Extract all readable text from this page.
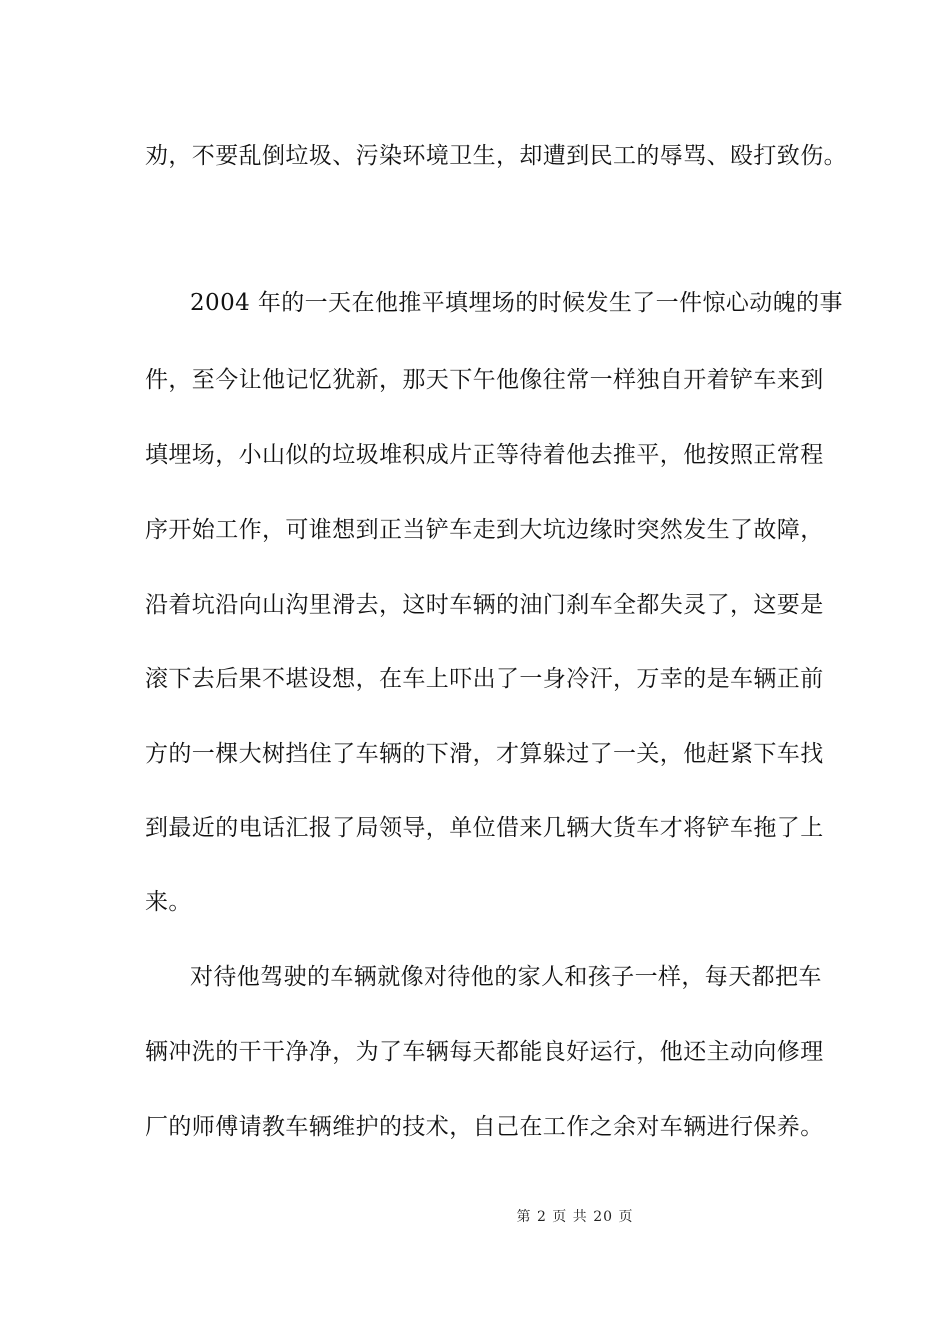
劝，不要乱倒垃圾、污染环境卫生，却遭到民工的辱骂、殴打致伤。
2004 年的一天在他推平填埋场的时候发生了一件惊心动魄的事
件，至今让他记忆犹新，那天下午他像往常一样独自开着铲车来到
填埋场，小山似的垃圾堆积成片正等待着他去推平，他按照正常程
序开始工作，可谁想到正当铲车走到大坑边缘时突然发生了故障，
沿着坑沿向山沟里滑去，这时车辆的油门刹车全都失灵了，这要是
滚下去后果不堪设想，在车上吓出了一身冷汗，万幸的是车辆正前
方的一棵大树挡住了车辆的下滑，才算躲过了一关，他赶紧下车找
到最近的电话汇报了局领导，单位借来几辆大货车才将铲车拖了上
来。
对待他驾驶的车辆就像对待他的家人和孩子一样，每天都把车
辆冲洗的干干净净，为了车辆每天都能良好运行，他还主动向修理
厂的师傅请教车辆维护的技术，自己在工作之余对车辆进行保养。
第 2 页 共 20 页
